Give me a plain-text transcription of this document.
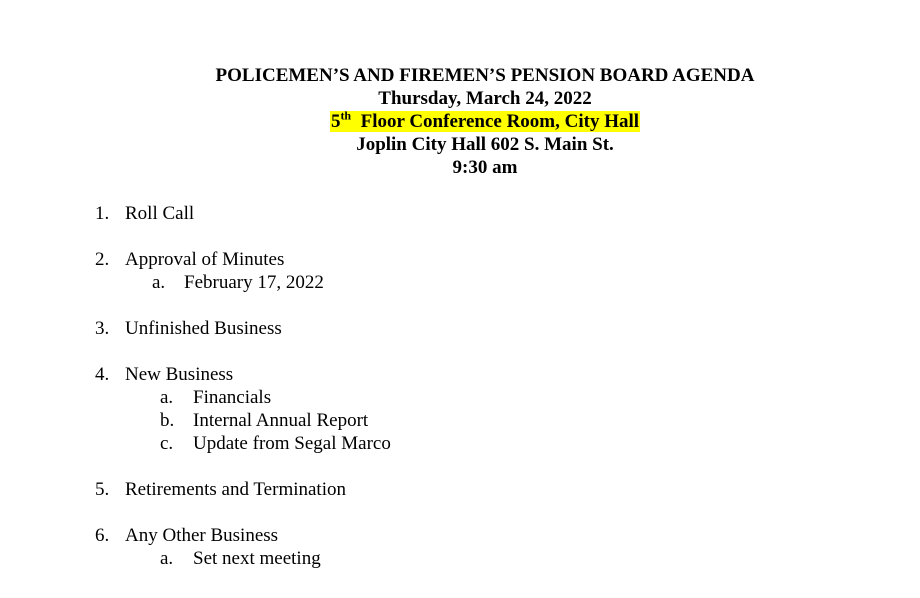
POLICEMEN’S AND FIREMEN’S PENSION BOARD AGENDA
Thursday, March 24, 2022
5th Floor Conference Room, City Hall
Joplin City Hall 602 S. Main St.
9:30 am
1. Roll Call
2. Approval of Minutes
a. February 17, 2022
3. Unfinished Business
4. New Business
a. Financials
b. Internal Annual Report
c. Update from Segal Marco
5. Retirements and Termination
6. Any Other Business
a. Set next meeting
